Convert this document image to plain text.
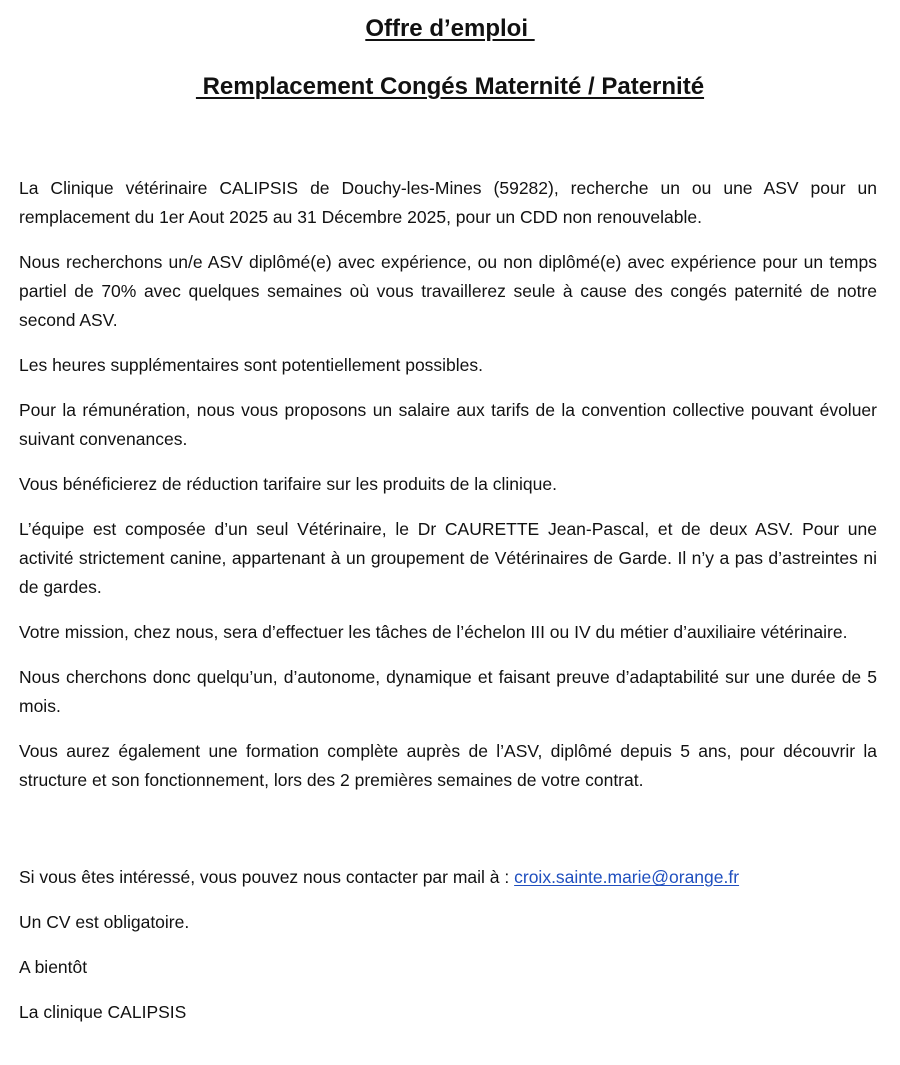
Offre d’emploi
Remplacement Congés Maternité / Paternité

La Clinique vétérinaire CALIPSIS de Douchy-les-Mines (59282), recherche un ou une ASV pour un remplacement du 1er Aout 2025 au 31 Décembre 2025, pour un CDD non renouvelable.

Nous recherchons un/e ASV diplômé(e) avec expérience, ou non diplômé(e) avec expérience pour un temps partiel de 70% avec quelques semaines où vous travaillerez seule à cause des congés paternité de notre second ASV.

Les heures supplémentaires sont potentiellement possibles.

Pour la rémunération, nous vous proposons un salaire aux tarifs de la convention collective pouvant évoluer suivant convenances.

Vous bénéficierez de réduction tarifaire sur les produits de la clinique.

L’équipe est composée d’un seul Vétérinaire, le Dr CAURETTE Jean-Pascal, et de deux ASV. Pour une activité strictement canine, appartenant à un groupement de Vétérinaires de Garde. Il n’y a pas d’astreintes ni de gardes.

Votre mission, chez nous, sera d’effectuer les tâches de l’échelon III ou IV du métier d’auxiliaire vétérinaire.

Nous cherchons donc quelqu’un, d’autonome, dynamique et faisant preuve d’adaptabilité sur une durée de 5 mois.

Vous aurez également une formation complète auprès de l’ASV, diplômé depuis 5 ans, pour découvrir la structure et son fonctionnement, lors des 2 premières semaines de votre contrat.

Si vous êtes intéressé, vous pouvez nous contacter par mail à : croix.sainte.marie@orange.fr

Un CV est obligatoire.

A bientôt

La clinique CALIPSIS
